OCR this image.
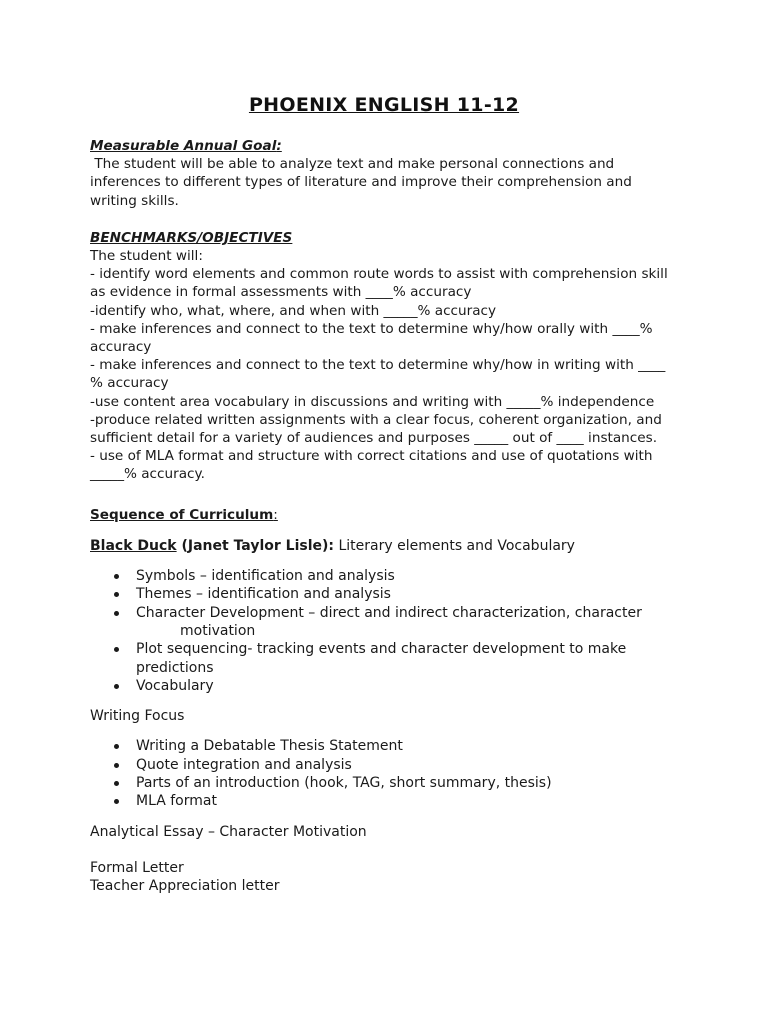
PHOENIX ENGLISH 11-12
Measurable Annual Goal:
The student will be able to analyze text and make personal connections and
inferences to different types of literature and improve their comprehension and
writing skills.
BENCHMARKS/OBJECTIVES
The student will:
- identify word elements and common route words to assist with comprehension skill
as evidence in formal assessments with ____% accuracy
-identify who, what, where, and when with _____% accuracy
- make inferences and connect to the text to determine why/how orally with ____%
accuracy
- make inferences and connect to the text to determine why/how in writing with ____
% accuracy
-use content area vocabulary in discussions and writing with _____% independence
-produce related written assignments with a clear focus, coherent organization, and
sufficient detail for a variety of audiences and purposes _____ out of ____ instances.
- use of MLA format and structure with correct citations and use of quotations with
_____% accuracy.
Sequence of Curriculum:
Black Duck (Janet Taylor Lisle): Literary elements and Vocabulary
Symbols – identification and analysis
Themes – identification and analysis
Character Development – direct and indirect characterization, character
motivation
Plot sequencing- tracking events and character development to make
predictions
Vocabulary
Writing Focus
Writing a Debatable Thesis Statement
Quote integration and analysis
Parts of an introduction (hook, TAG, short summary, thesis)
MLA format
Analytical Essay – Character Motivation
Formal Letter
Teacher Appreciation letter
